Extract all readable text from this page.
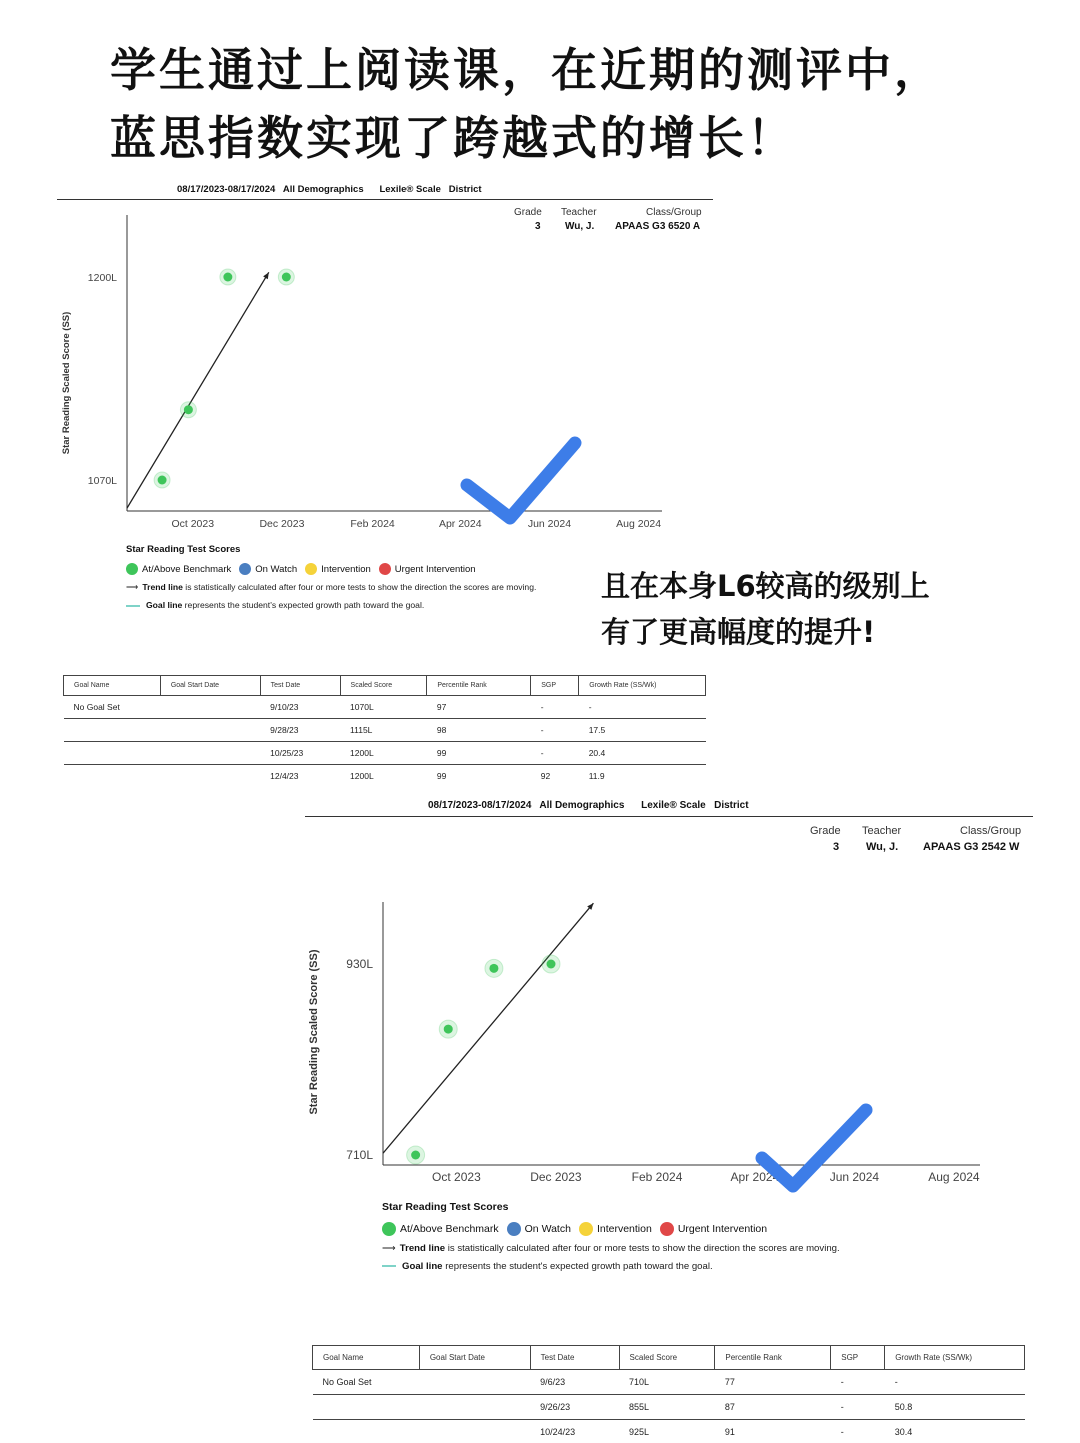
学生通过上阅读课，在近期的测评中，
蓝思指数实现了跨越式的增长！
08/17/2023-08/17/2024 All Demographics Lexile® Scale District
Grade
3
Teacher
Wu, J.
Class/Group
APAAS G3 6520 A
Oct 2023	Dec 2023	Feb 2024	Apr 2024	Jun 2024	Aug 2024
1070L
1200L
Star Reading Scaled Score (SS)
Star Reading Test Scores
At/Above Benchmark	On Watch	Intervention	Urgent Intervention
⟶ Trend line is statistically calculated after four or more tests to show the direction the scores are moving.
Goal line represents the student's expected growth path toward the goal.
Goal Name	Goal Start Date	Test Date	Scaled Score	Percentile Rank	SGP	Growth Rate (SS/Wk)
No Goal Set		9/10/23	1070L	97	-	-
		9/28/23	1115L	98	-	17.5
		10/25/23	1200L	99	-	20.4
		12/4/23	1200L	99	92	11.9
08/17/2023-08/17/2024 All Demographics Lexile® Scale District
Grade
3
Teacher
Wu, J.
Class/Group
APAAS G3 2542 W
Oct 2023	Dec 2023	Feb 2024	Apr 2024	Jun 2024	Aug 2024
710L
930L
Star Reading Scaled Score (SS)
Star Reading Test Scores
At/Above Benchmark On Watch Intervention Urgent Intervention
⟶ Trend line is statistically calculated after four or more tests to show the direction the scores are moving.
Goal line represents the student's expected growth path toward the goal.
Goal Name	Goal Start Date	Test Date	Scaled Score	Percentile Rank	SGP	Growth Rate (SS/Wk)
No Goal Set		9/6/23	710L	77	-	-
		9/26/23	855L	87	-	50.8
		10/24/23	925L	91	-	30.4
且在本身L6较高的级别上
有了更高幅度的提升!
